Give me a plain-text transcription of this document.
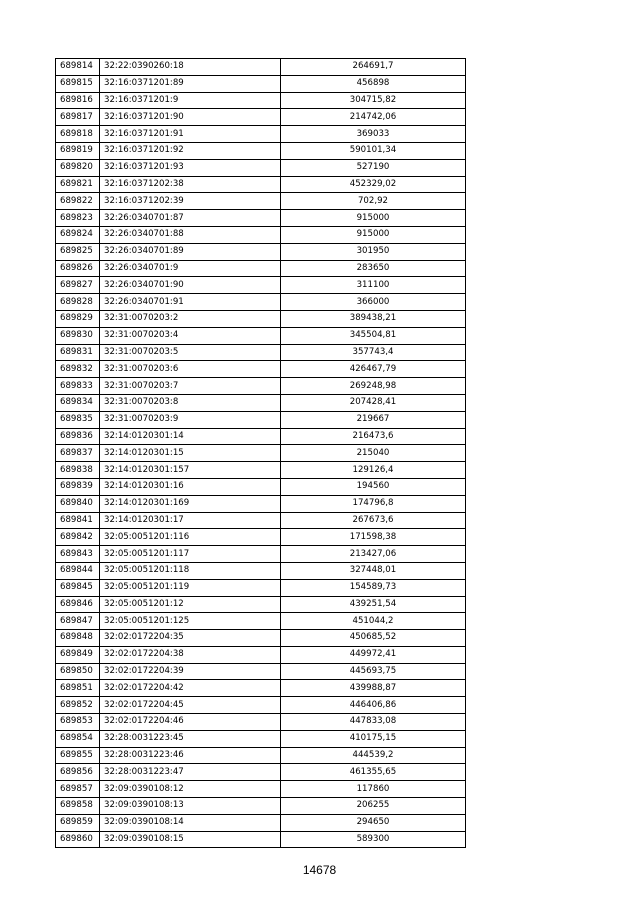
689814	32:22:0390260:18	264691,7
689815	32:16:0371201:89	456898
689816	32:16:0371201:9	304715,82
689817	32:16:0371201:90	214742,06
689818	32:16:0371201:91	369033
689819	32:16:0371201:92	590101,34
689820	32:16:0371201:93	527190
689821	32:16:0371202:38	452329,02
689822	32:16:0371202:39	702,92
689823	32:26:0340701:87	915000
689824	32:26:0340701:88	915000
689825	32:26:0340701:89	301950
689826	32:26:0340701:9	283650
689827	32:26:0340701:90	311100
689828	32:26:0340701:91	366000
689829	32:31:0070203:2	389438,21
689830	32:31:0070203:4	345504,81
689831	32:31:0070203:5	357743,4
689832	32:31:0070203:6	426467,79
689833	32:31:0070203:7	269248,98
689834	32:31:0070203:8	207428,41
689835	32:31:0070203:9	219667
689836	32:14:0120301:14	216473,6
689837	32:14:0120301:15	215040
689838	32:14:0120301:157	129126,4
689839	32:14:0120301:16	194560
689840	32:14:0120301:169	174796,8
689841	32:14:0120301:17	267673,6
689842	32:05:0051201:116	171598,38
689843	32:05:0051201:117	213427,06
689844	32:05:0051201:118	327448,01
689845	32:05:0051201:119	154589,73
689846	32:05:0051201:12	439251,54
689847	32:05:0051201:125	451044,2
689848	32:02:0172204:35	450685,52
689849	32:02:0172204:38	449972,41
689850	32:02:0172204:39	445693,75
689851	32:02:0172204:42	439988,87
689852	32:02:0172204:45	446406,86
689853	32:02:0172204:46	447833,08
689854	32:28:0031223:45	410175,15
689855	32:28:0031223:46	444539,2
689856	32:28:0031223:47	461355,65
689857	32:09:0390108:12	117860
689858	32:09:0390108:13	206255
689859	32:09:0390108:14	294650
689860	32:09:0390108:15	589300
14678
